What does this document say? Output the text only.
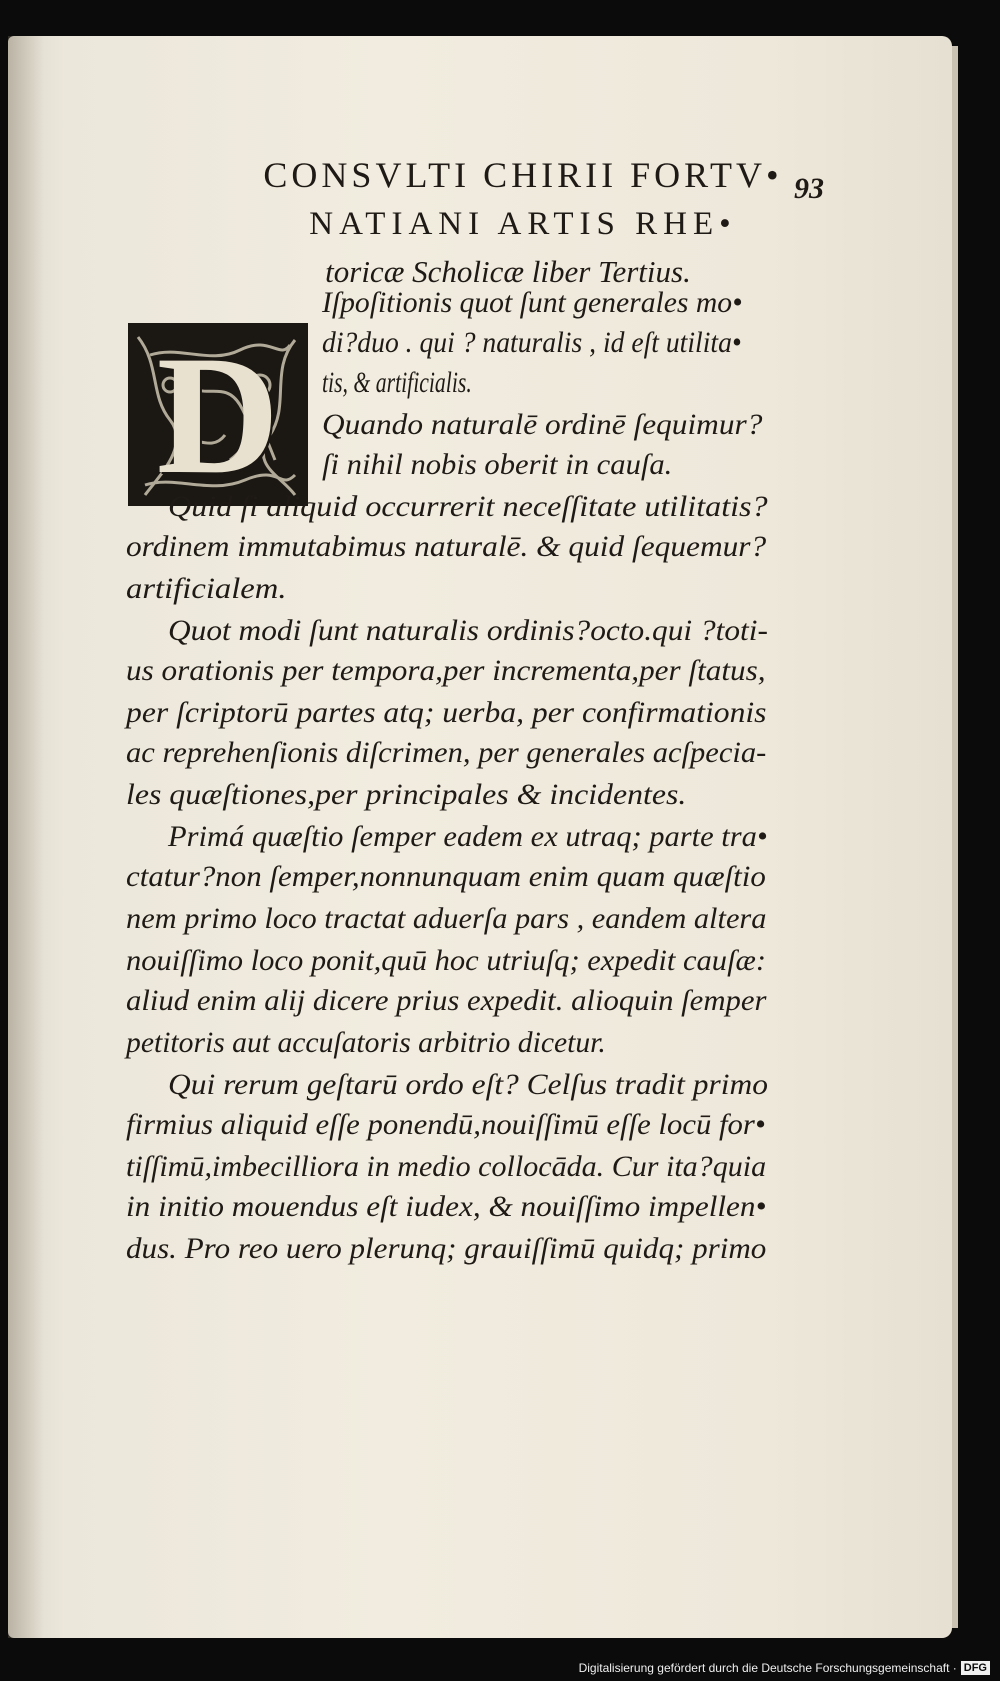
93
CONSVLTI CHIRII FORTV•
NATIANI ARTIS RHE•
toricæ Scholicæ liber Tertius.
D
Iſpoſitionis quot ſunt generales mo•
di?duo . qui ? naturalis , id eſt utilita•
tis, & artificialis.
Quando naturalē ordinē ſequimur?
ſi nihil nobis oberit in cauſa.
Quid ſi aliquid occurrerit neceſſitate utilitatis?
ordinem immutabimus naturalē. & quid ſequemur?
artificialem.
Quot modi ſunt naturalis ordinis?octo.qui ?toti-
us orationis per tempora,per incrementa,per ſtatus,
per ſcriptorū partes atq; uerba, per confirmationis
ac reprehenſionis diſcrimen, per generales acſpecia-
les quæſtiones,per principales & incidentes.
Primá quæſtio ſemper eadem ex utraq; parte tra•
ctatur?non ſemper,nonnunquam enim quam quæſtio
nem primo loco tractat aduerſa pars , eandem altera
nouiſſimo loco ponit,quū hoc utriuſq; expedit cauſæ:
aliud enim alij dicere prius expedit. alioquin ſemper
petitoris aut accuſatoris arbitrio dicetur.
Qui rerum geſtarū ordo eſt? Celſus tradit primo
firmius aliquid eſſe ponendū,nouiſſimū eſſe locū for•
tiſſimū,imbecilliora in medio collocāda. Cur ita?quia
in initio mouendus eſt iudex, & nouiſſimo impellen•
dus. Pro reo uero plerunq; grauiſſimū quidq; primo
Digitalisierung gefördert durch die Deutsche Forschungsgemeinschaft · DFG
